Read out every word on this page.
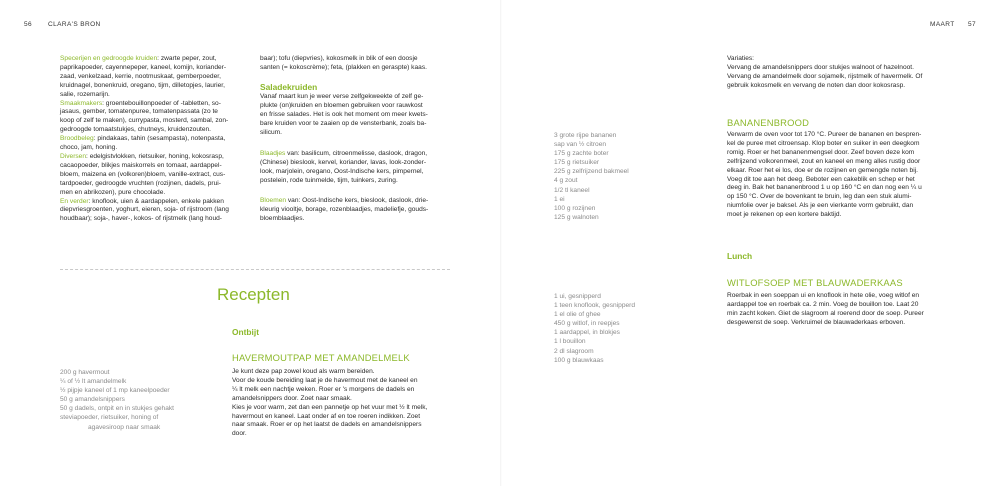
56 CLARA'S BRON	MAART 57
Specerijen en gedroogde kruiden: zwarte peper, zout,
paprikapoeder, cayennepeper, kaneel, komijn, koriander-
zaad, venkelzaad, kerrie, nootmuskaat, gemberpoeder,
kruidnagel, bonenkruid, oregano, tijm, dilletopjes, laurier,
salie, rozemarijn.
Smaakmakers: groentebouillonpoeder of -tabletten, so-
jasaus, gember, tomatenpuree, tomatenpassata (zo te
koop of zelf te maken), currypasta, mosterd, sambal, zon-
gedroogde tomaatstukjes, chutneys, kruidenzouten.
Broodbeleg: pindakaas, tahin (sesampasta), notenpasta,
choco, jam, honing.
Diversen: edelgistvlokken, rietsuiker, honing, kokosrasp,
cacaopoeder, blikjes maiskorrels en tomaat, aardappel-
bloem, maizena en (volkoren)bloem, vanille-extract, cus-
tardpoeder, gedroogde vruchten (rozijnen, dadels, prui-
men en abrikozen), pure chocolade.
En verder: knoflook, uien & aardappelen, enkele pakken
diepvriesgroenten, yoghurt, eieren, soja- of rijstroom (lang
houdbaar); soja-, haver-, kokos- of rijstmelk (lang houd-
baar); tofu (diepvries), kokosmelk in blik of een doosje
santen (= kokoscrème); feta, (plakken en geraspte) kaas.
Saladekruiden
Vanaf maart kun je weer verse zelfgekweekte of zelf ge-
plukte (on)kruiden en bloemen gebruiken voor rauwkost
en frisse salades. Het is ook het moment om meer kwets-
bare kruiden voor te zaaien op de vensterbank, zoals ba-
silicum.
Blaadjes van: basilicum, citroenmelisse, daslook, dragon,
(Chinese) bieslook, kervel, koriander, lavas, look-zonder-
look, marjolein, oregano, Oost-Indische kers, pimpernel,
postelein, rode tuinmelde, tijm, tuinkers, zuring.
Bloemen van: Oost-Indische kers, bieslook, daslook, drie-
kleurig viooltje, borage, rozenblaadjes, madeliefje, gouds-
bloemblaadjes.
Recepten
Ontbijt
HAVERMOUTPAP MET AMANDELMELK
200 g havermout
¼ of ½ lt amandelmelk
½ pijpje kaneel of 1 mp kaneelpoeder
50 g amandelsnippers
50 g dadels, ontpit en in stukjes gehakt
steviapoeder, rietsuiker, honing of
agavesiroop naar smaak
Je kunt deze pap zowel koud als warm bereiden.
Voor de koude bereiding laat je de havermout met de kaneel en
¼ lt melk een nachtje weken. Roer er 's morgens de dadels en
amandelsnippers door. Zoet naar smaak.
Kies je voor warm, zet dan een pannetje op het vuur met ½ lt melk,
havermout en kaneel. Laat onder af en toe roeren indikken. Zoet
naar smaak. Roer er op het laatst de dadels en amandelsnippers
door.
Variaties:
Vervang de amandelsnippers door stukjes walnoot of hazelnoot.
Vervang de amandelmelk door sojamelk, rijstmelk of havermelk. Of
gebruik kokosmelk en vervang de noten dan door kokosrasp.
BANANENBROOD
3 grote rijpe bananen
sap van ½ citroen
175 g zachte boter
175 g rietsuiker
225 g zelfrijzend bakmeel
4 g zout
1/2 tl kaneel
1 ei
100 g rozijnen
125 g walnoten
Verwarm de oven voor tot 170 °C. Pureer de bananen en bespren-
kel de puree met citroensap. Klop boter en suiker in een deegkom
romig. Roer er het bananenmengsel door. Zeef boven deze kom
zelfrijzend volkorenmeel, zout en kaneel en meng alles rustig door
elkaar. Roer het ei los, doe er de rozijnen en gemengde noten bij.
Voeg dit toe aan het deeg. Beboter een cakeblik en schep er het
deeg in. Bak het bananenbrood 1 u op 160 °C en dan nog een ¼ u
op 150 °C. Over de bovenkant te bruin, leg dan een stuk alumi-
niumfolie over je baksel. Als je een vierkante vorm gebruikt, dan
moet je rekenen op een kortere baktijd.
Lunch
WITLOFSOEP MET BLAUWADERKAAS
1 ui, gesnipperd
1 teen knoflook, gesnipperd
1 el olie of ghee
450 g witlof, in reepjes
1 aardappel, in blokjes
1 l bouillon
2 dl slagroom
100 g blauwkaas
Roerbak in een soeppan ui en knoflook in hete olie, voeg witlof en
aardappel toe en roerbak ca. 2 min. Voeg de bouillon toe. Laat 20
min zacht koken. Giet de slagroom al roerend door de soep. Pureer
desgewenst de soep. Verkruimel de blauwaderkaas erboven.
